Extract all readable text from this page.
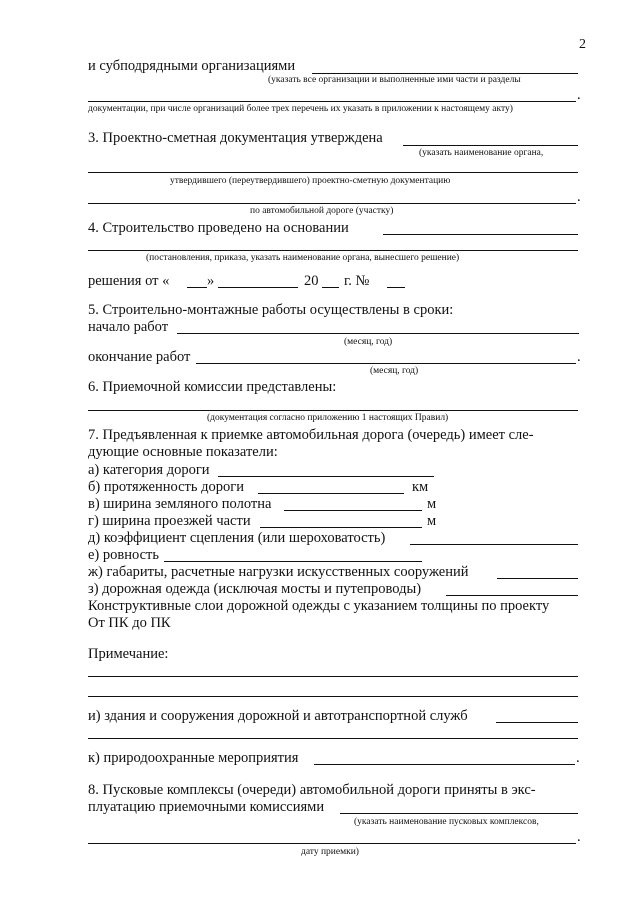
2
и субподрядными организациями
(указать все организации и выполненные ими части и разделы
.
документации, при числе организаций более трех перечень их указать в приложении к настоящему акту)
3. Проектно-сметная документация утверждена
(указать наименование органа,
утвердившего (переутвердившего) проектно-сметную документацию
.
по автомобильной дороге (участку)
4. Строительство проведено на основании
(постановления, приказа, указать наименование органа, вынесшего решение)
решения от «	»	20 г. №
5. Строительно-монтажные работы осуществлены в сроки:
начало работ
(месяц, год)
окончание работ	.
(месяц, год)
6. Приемочной комиссии представлены:
(документация согласно приложению 1 настоящих Правил)
7. Предъявленная к приемке автомобильная дорога (очередь) имеет сле-
дующие основные показатели:
а) категория дороги
б) протяженность дороги	км
в) ширина земляного полотна	м
г) ширина проезжей части	м
д) коэффициент сцепления (или шероховатость)
е) ровность
ж) габариты, расчетные нагрузки искусственных сооружений
з) дорожная одежда (исключая мосты и путепроводы)
Конструктивные слои дорожной одежды с указанием толщины по проекту
От ПК до ПК
Примечание:
и) здания и сооружения дорожной и автотранспортной служб
к) природоохранные мероприятия	.
8. Пусковые комплексы (очереди) автомобильной дороги приняты в экс-
плуатацию приемочными комиссиями
(указать наименование пусковых комплексов,
.
дату приемки)
